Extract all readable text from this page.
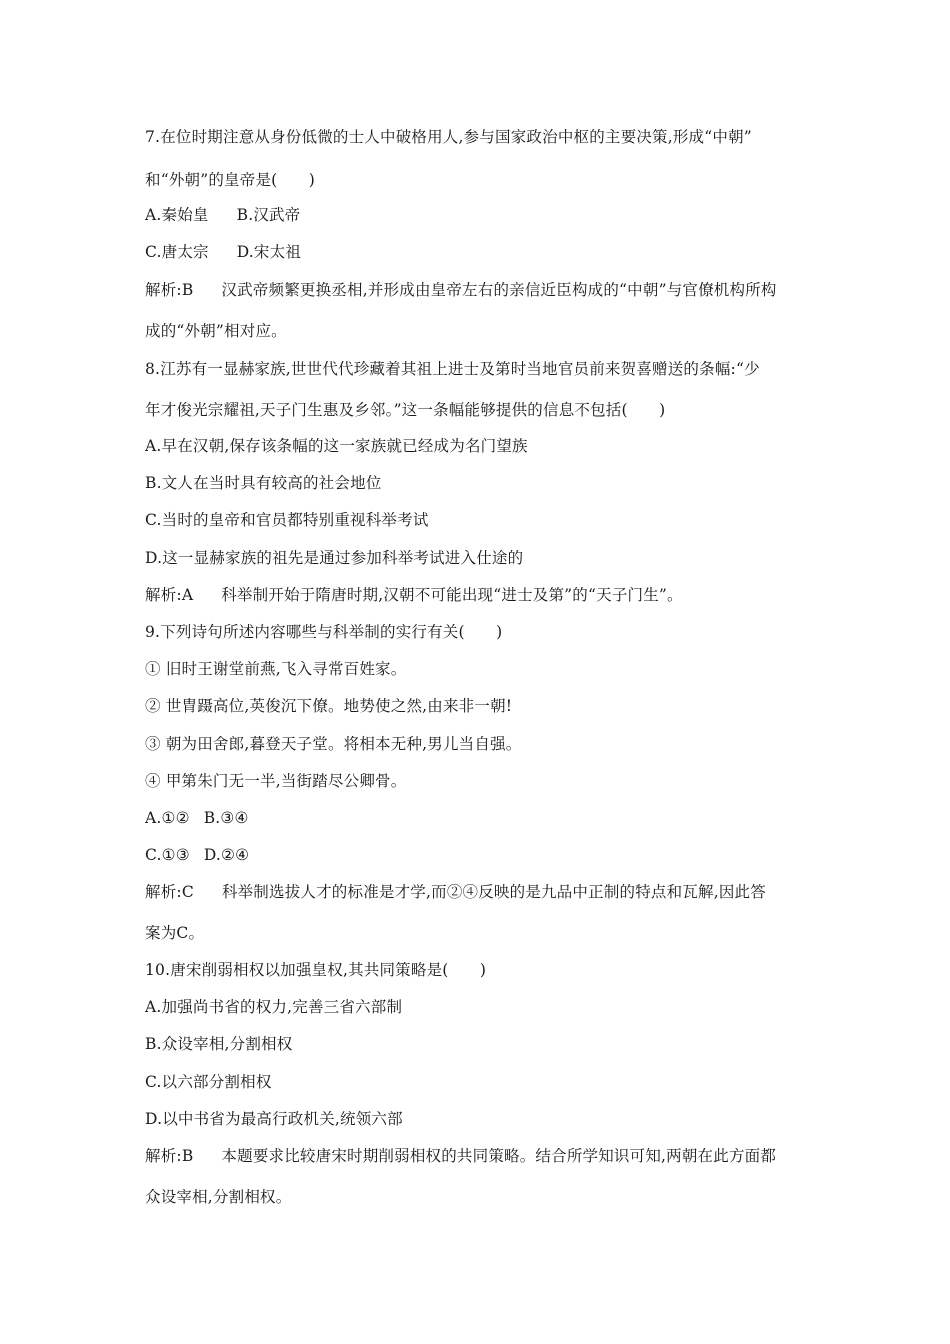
7.在位时期注意从身份低微的士人中破格用人,参与国家政治中枢的主要决策,形成“中朝”
和“外朝”的皇帝是(　　)
A.秦始皇 B.汉武帝
C.唐太宗 D.宋太祖
解析:B 汉武帝频繁更换丞相,并形成由皇帝左右的亲信近臣构成的“中朝”与官僚机构所构
成的“外朝”相对应。
8.江苏有一显赫家族,世世代代珍藏着其祖上进士及第时当地官员前来贺喜赠送的条幅:“少
年才俊光宗耀祖,天子门生惠及乡邻。”这一条幅能够提供的信息不包括(　　)
A.早在汉朝,保存该条幅的这一家族就已经成为名门望族
B.文人在当时具有较高的社会地位
C.当时的皇帝和官员都特别重视科举考试
D.这一显赫家族的祖先是通过参加科举考试进入仕途的
解析:A 科举制开始于隋唐时期,汉朝不可能出现“进士及第”的“天子门生”。
9.下列诗句所述内容哪些与科举制的实行有关(　　)
① 旧时王谢堂前燕,飞入寻常百姓家。
② 世胄蹑高位,英俊沉下僚。地势使之然,由来非一朝!
③ 朝为田舍郎,暮登天子堂。将相本无种,男儿当自强。
④ 甲第朱门无一半,当街踏尽公卿骨。
A.①② B.③④
C.①③ D.②④
解析:C 科举制选拔人才的标准是才学,而②④反映的是九品中正制的特点和瓦解,因此答
案为C。
10.唐宋削弱相权以加强皇权,其共同策略是(　　)
A.加强尚书省的权力,完善三省六部制
B.众设宰相,分割相权
C.以六部分割相权
D.以中书省为最高行政机关,统领六部
解析:B 本题要求比较唐宋时期削弱相权的共同策略。结合所学知识可知,两朝在此方面都
众设宰相,分割相权。
